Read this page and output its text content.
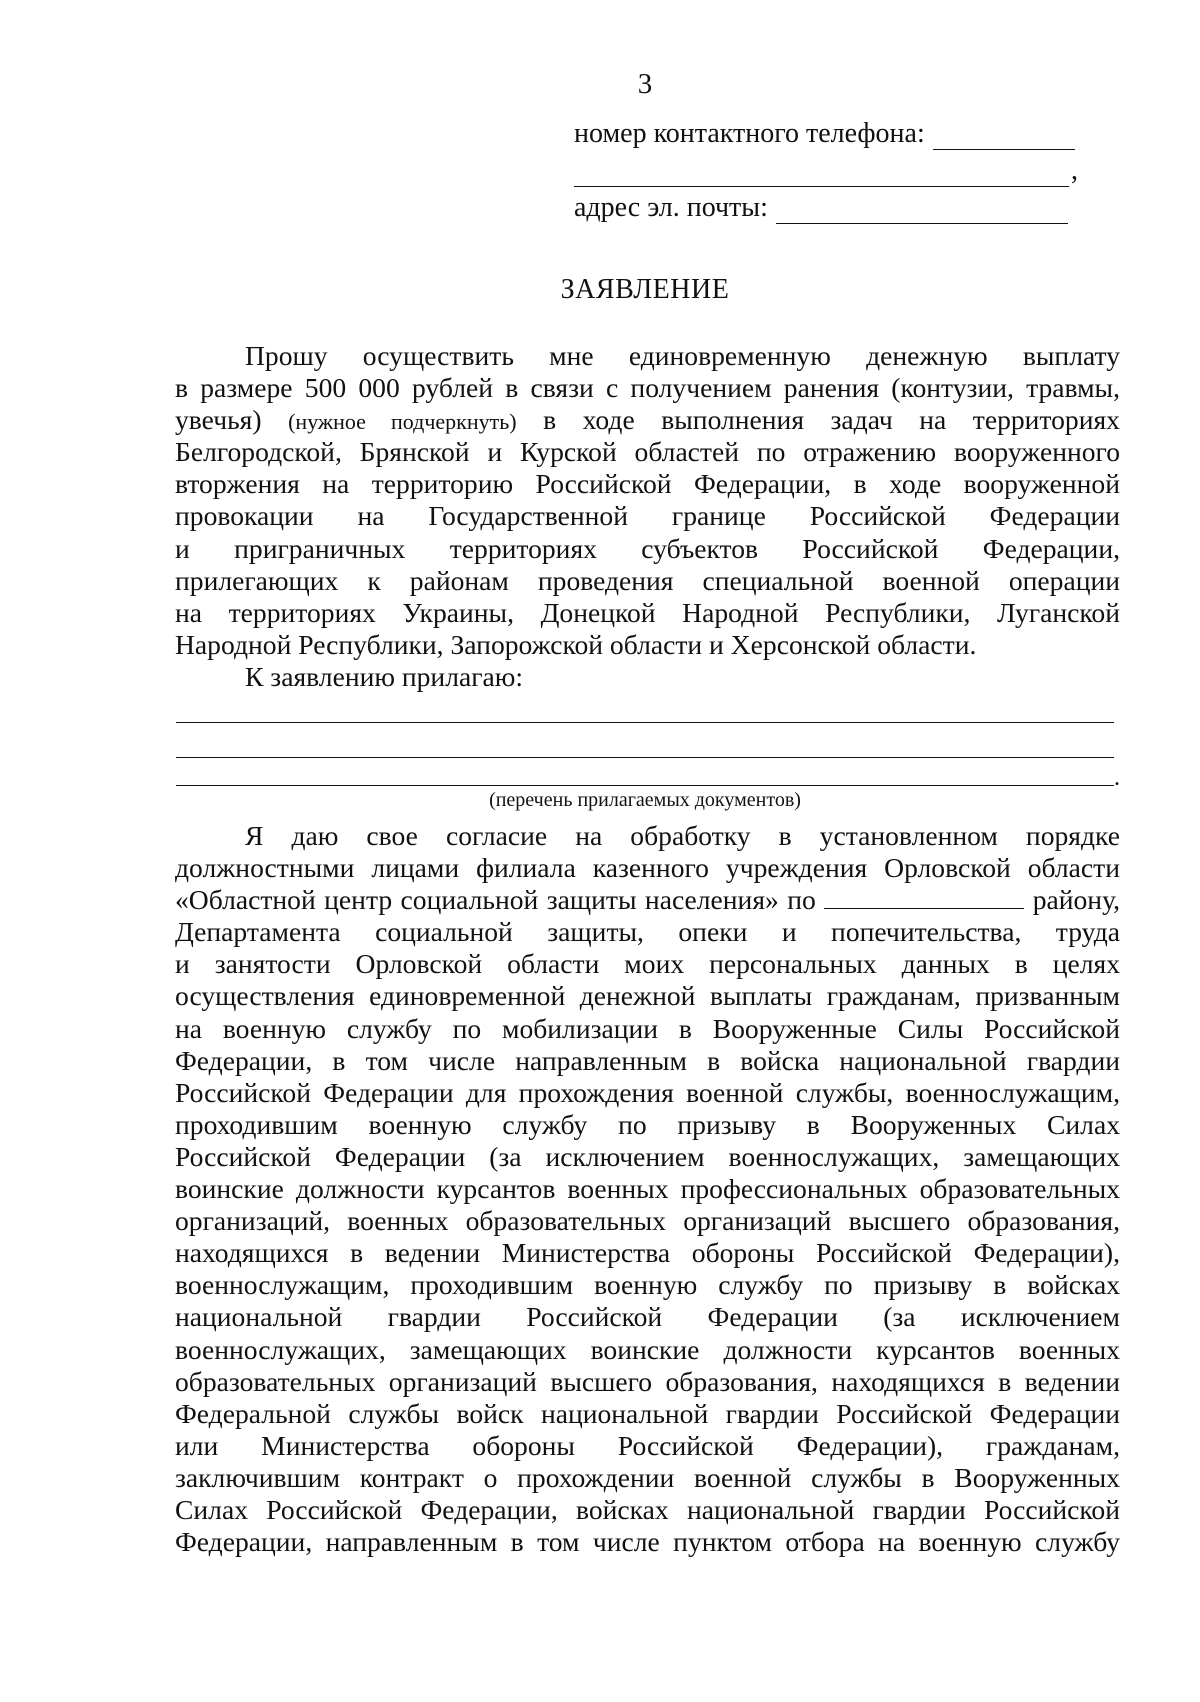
3
номер контактного телефона:
,
адрес эл. почты:
ЗАЯВЛЕНИЕ
Прошу осуществить мне единовременную денежную выплату
в размере 500 000 рублей в связи с получением ранения (контузии, травмы,
увечья) (нужное подчеркнуть) в ходе выполнения задач на территориях
Белгородской, Брянской и Курской областей по отражению вооруженного
вторжения на территорию Российской Федерации, в ходе вооруженной
провокации на Государственной границе Российской Федерации
и приграничных территориях субъектов Российской Федерации,
прилегающих к районам проведения специальной военной операции
на территориях Украины, Донецкой Народной Республики, Луганской
Народной Республики, Запорожской области и Херсонской области.
К заявлению прилагаю:
.
(перечень прилагаемых документов)
Я даю свое согласие на обработку в установленном порядке
должностными лицами филиала казенного учреждения Орловской области
«Областной центр социальной защиты населения» по	району,
Департамента социальной защиты, опеки и попечительства, труда
и занятости Орловской области моих персональных данных в целях
осуществления единовременной денежной выплаты гражданам, призванным
на военную службу по мобилизации в Вооруженные Силы Российской
Федерации, в том числе направленным в войска национальной гвардии
Российской Федерации для прохождения военной службы, военнослужащим,
проходившим военную службу по призыву в Вооруженных Силах
Российской Федерации (за исключением военнослужащих, замещающих
воинские должности курсантов военных профессиональных образовательных
организаций, военных образовательных организаций высшего образования,
находящихся в ведении Министерства обороны Российской Федерации),
военнослужащим, проходившим военную службу по призыву в войсках
национальной гвардии Российской Федерации (за исключением
военнослужащих, замещающих воинские должности курсантов военных
образовательных организаций высшего образования, находящихся в ведении
Федеральной службы войск национальной гвардии Российской Федерации
или Министерства обороны Российской Федерации), гражданам,
заключившим контракт о прохождении военной службы в Вооруженных
Силах Российской Федерации, войсках национальной гвардии Российской
Федерации, направленным в том числе пунктом отбора на военную службу
